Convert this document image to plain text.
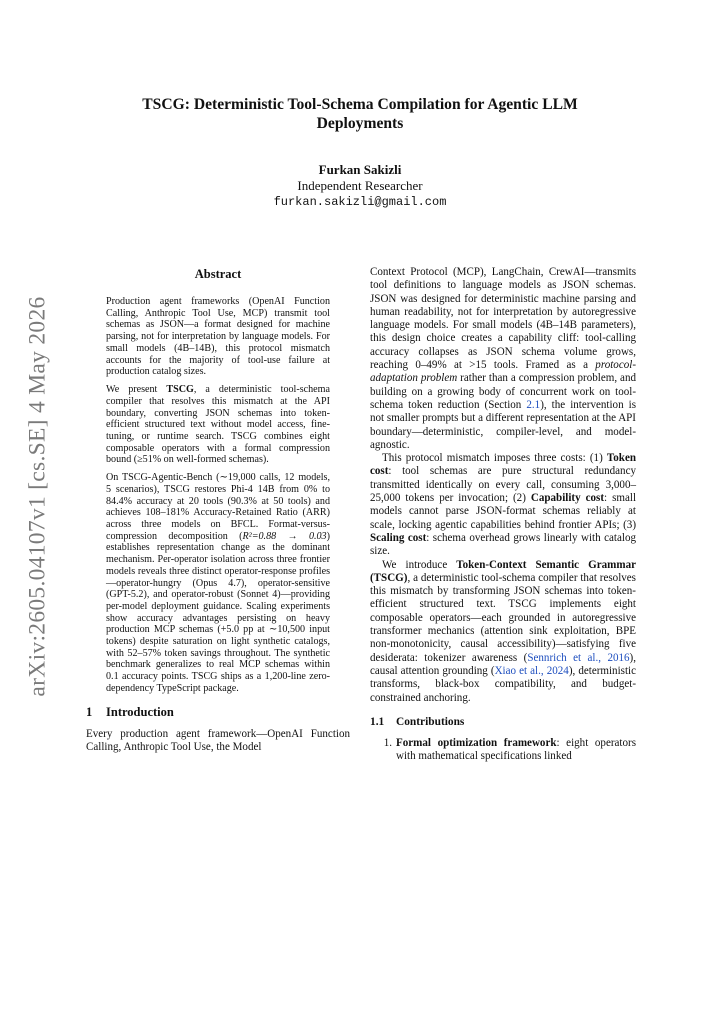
arXiv:2605.04107v1 [cs.SE] 4 May 2026
TSCG: Deterministic Tool-Schema Compilation for Agentic LLM Deployments
Furkan Sakizli
Independent Researcher
furkan.sakizli@gmail.com
Abstract

Production agent frameworks (OpenAI Function Calling, Anthropic Tool Use, MCP) transmit tool schemas as JSON—a format designed for machine parsing, not for interpretation by language models. For small models (4B–14B), this protocol mismatch accounts for the majority of tool-use failure at production catalog sizes.

We present TSCG, a deterministic tool-schema compiler that resolves this mismatch at the API boundary, converting JSON schemas into token-efficient structured text without model access, fine-tuning, or runtime search. TSCG combines eight composable operators with a formal compression bound (≥51% on well-formed schemas).

On TSCG-Agentic-Bench (∼19,000 calls, 12 models, 5 scenarios), TSCG restores Phi-4 14B from 0% to 84.4% accuracy at 20 tools (90.3% at 50 tools) and achieves 108–181% Accuracy-Retained Ratio (ARR) across three models on BFCL. Format-versus-compression decomposition (R²=0.88 → 0.03) establishes representation change as the dominant mechanism. Per-operator isolation across three frontier models reveals three distinct operator-response profiles—operator-hungry (Opus 4.7), operator-sensitive (GPT-5.2), and operator-robust (Sonnet 4)—providing per-model deployment guidance. Scaling experiments show accuracy advantages persisting on heavy production MCP schemas (+5.0 pp at ∼10,500 input tokens) despite saturation on light synthetic catalogs, with 52–57% token savings throughout. The synthetic benchmark generalizes to real MCP schemas within 0.1 accuracy points. TSCG ships as a 1,200-line zero-dependency TypeScript package.

1 Introduction

Every production agent framework—OpenAI Function Calling, Anthropic Tool Use, the Model

Context Protocol (MCP), LangChain, CrewAI—transmits tool definitions to language models as JSON schemas. JSON was designed for deterministic machine parsing and human readability, not for interpretation by autoregressive language models. For small models (4B–14B parameters), this design choice creates a capability cliff: tool-calling accuracy collapses as JSON schema volume grows, reaching 0–49% at >15 tools. Framed as a protocol-adaptation problem rather than a compression problem, and building on a growing body of concurrent work on tool-schema token reduction (Section 2.1), the intervention is not smaller prompts but a different representation at the API boundary—deterministic, compiler-level, and model-agnostic.

This protocol mismatch imposes three costs: (1) Token cost: tool schemas are pure structural redundancy transmitted identically on every call, consuming 3,000–25,000 tokens per invocation; (2) Capability cost: small models cannot parse JSON-format schemas reliably at scale, locking agentic capabilities behind frontier APIs; (3) Scaling cost: schema overhead grows linearly with catalog size.

We introduce Token-Context Semantic Grammar (TSCG), a deterministic tool-schema compiler that resolves this mismatch by transforming JSON schemas into token-efficient structured text. TSCG implements eight composable operators—each grounded in autoregressive transformer mechanics (attention sink exploitation, BPE non-monotonicity, causal accessibility)—satisfying five desiderata: tokenizer awareness (Sennrich et al., 2016), causal attention grounding (Xiao et al., 2024), deterministic transforms, black-box compatibility, and budget-constrained anchoring.

1.1 Contributions
1. Formal optimization framework: eight operators with mathematical specifications linked
